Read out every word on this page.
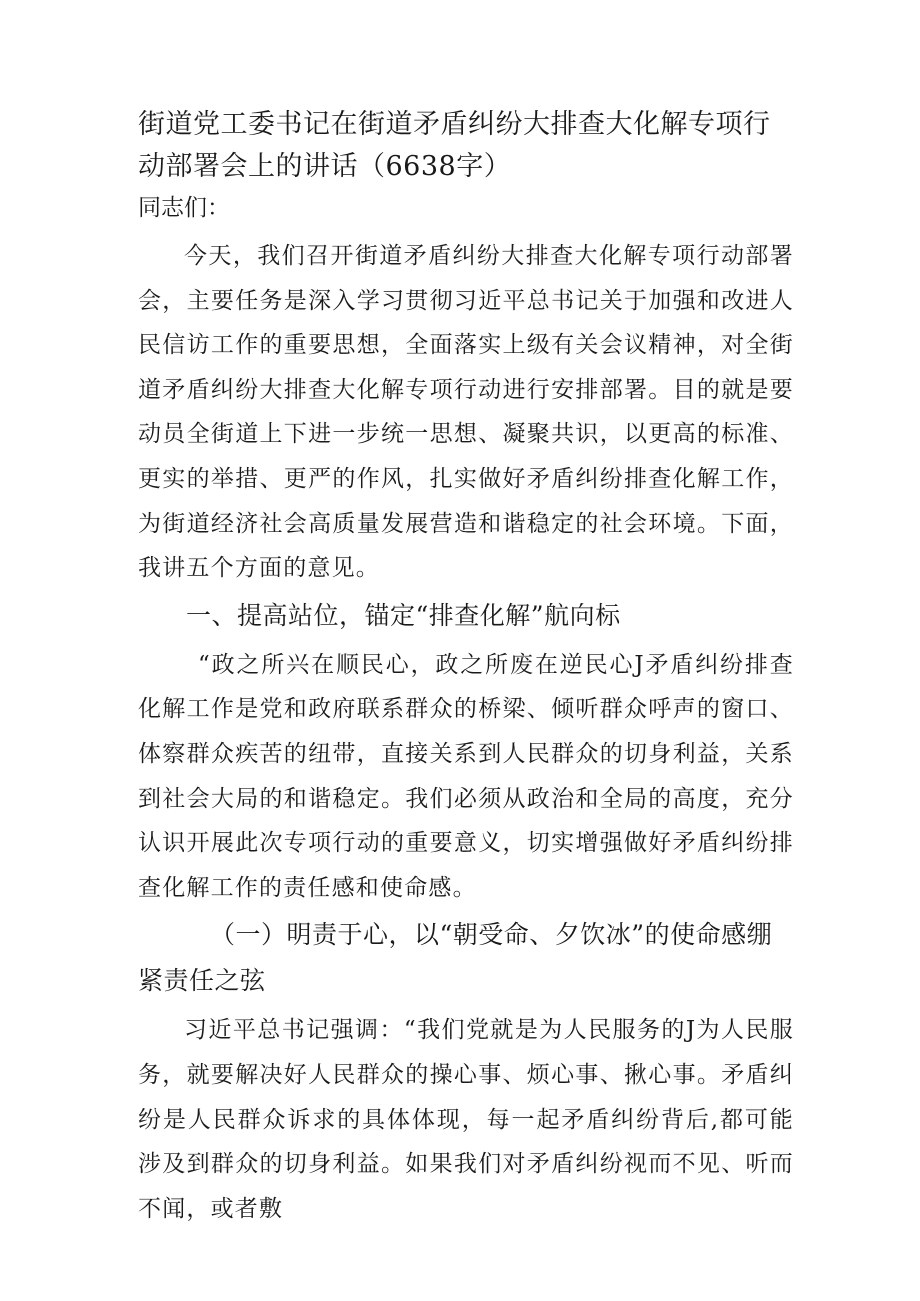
街道党工委书记在街道矛盾纠纷大排查大化解专项行动部署会上的讲话（6638字）

同志们：

今天，我们召开街道矛盾纠纷大排查大化解专项行动部署会，主要任务是深入学习贯彻习近平总书记关于加强和改进人民信访工作的重要思想，全面落实上级有关会议精神，对全街道矛盾纠纷大排查大化解专项行动进行安排部署。目的就是要动员全街道上下进一步统一思想、凝聚共识，以更高的标准、更实的举措、更严的作风，扎实做好矛盾纠纷排查化解工作，为街道经济社会高质量发展营造和谐稳定的社会环境。下面，我讲五个方面的意见。

一、提高站位，锚定“排查化解”航向标

“政之所兴在顺民心，政之所废在逆民心J矛盾纠纷排查化解工作是党和政府联系群众的桥梁、倾听群众呼声的窗口、体察群众疾苦的纽带，直接关系到人民群众的切身利益，关系到社会大局的和谐稳定。我们必须从政治和全局的高度，充分认识开展此次专项行动的重要意义，切实增强做好矛盾纠纷排查化解工作的责任感和使命感。

（一）明责于心，以“朝受命、夕饮冰”的使命感绷紧责任之弦

习近平总书记强调：“我们党就是为人民服务的J为人民服务，就要解决好人民群众的操心事、烦心事、揪心事。矛盾纠纷是人民群众诉求的具体体现，每一起矛盾纠纷背后,都可能涉及到群众的切身利益。如果我们对矛盾纠纷视而不见、听而不闻，或者敷
